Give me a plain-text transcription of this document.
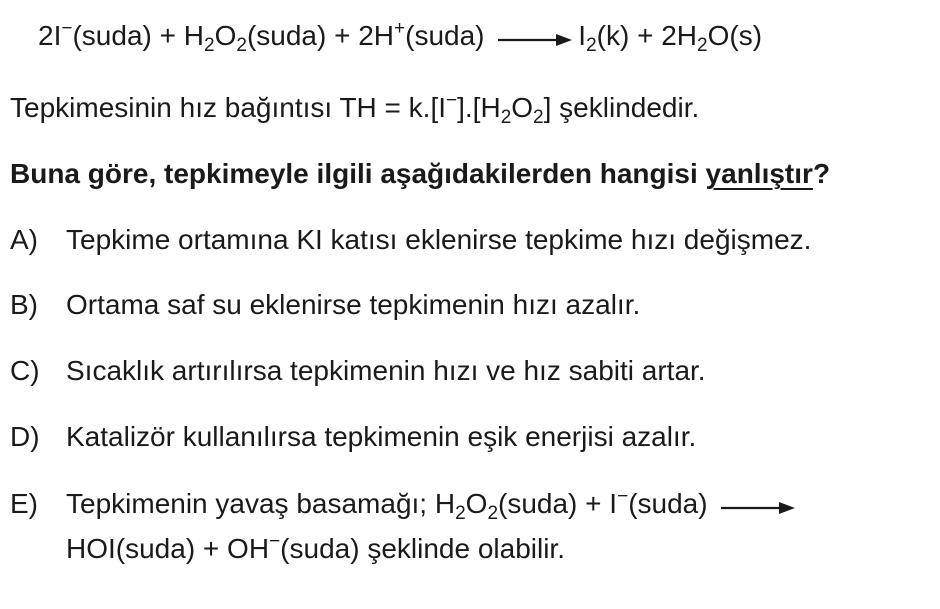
2I−(suda) + $H_2O_2(suda)$ + 2H+(suda) → $I_2(k) + 2H_2O(s)$
Tepkimesinin hız bağıntısı TH = $k.[I^-].[H_2O_2]$ şeklindedir.
Buna göre, tepkimeyle ilgili aşağıdakilerden hangisi yanlıştır?
A) Tepkime ortamına KI katısı eklenirse tepkime hızı değişmez.
B) Ortama saf su eklenirse tepkimenin hızı azalır.
C) Sıcaklık artırılırsa tepkimenin hızı ve hız sabiti artar.
D) Katalizör kullanılırsa tepkimenin eşik enerjisi azalır.
E) Tepkimenin yavaş basamağı; $H_2O_2(suda)$ + I−(suda) →
HOI(suda) + OH−(suda) şeklinde olabilir.
